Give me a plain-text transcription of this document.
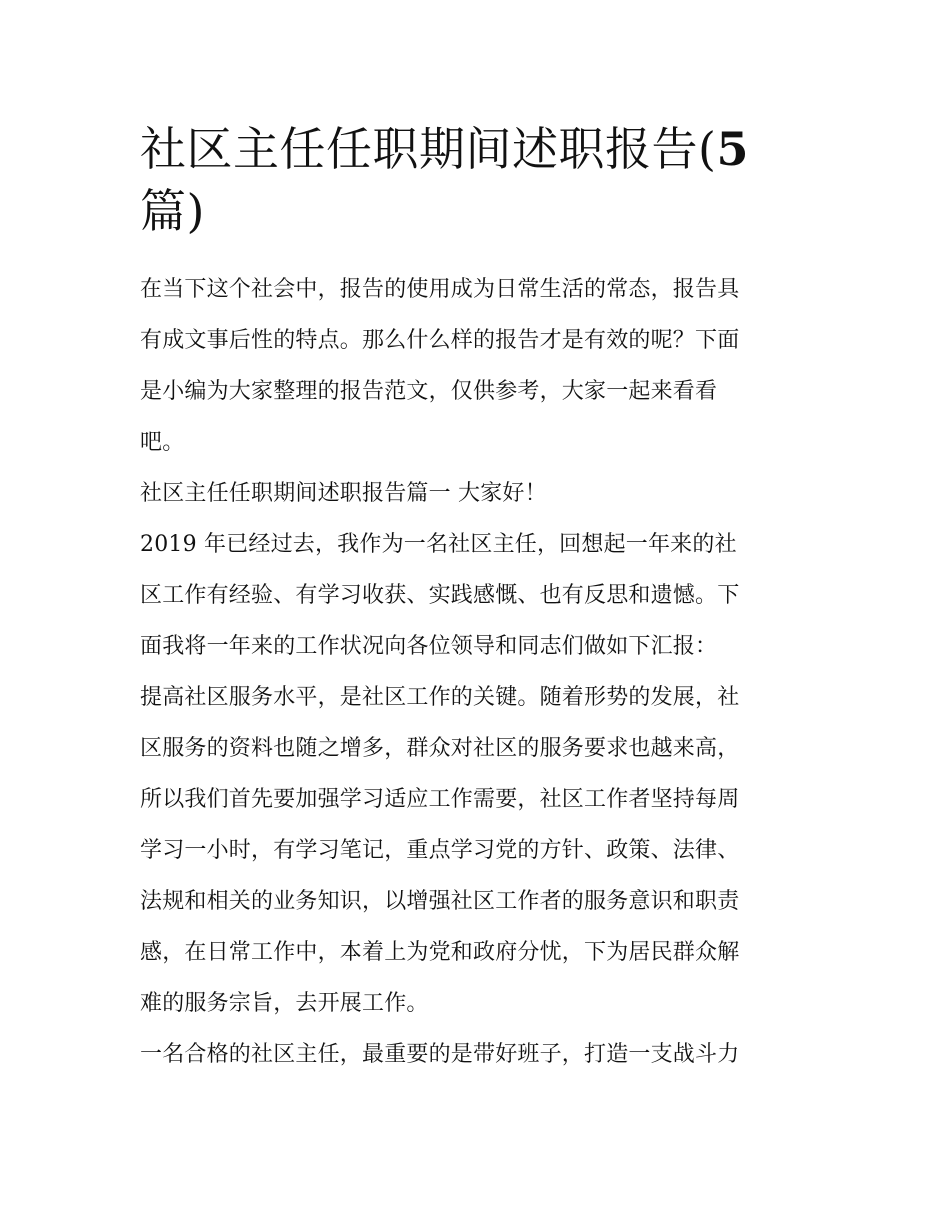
社区主任任职期间述职报告(5
篇)

在当下这个社会中，报告的使用成为日常生活的常态，报告具

有成文事后性的特点。那么什么样的报告才是有效的呢？下面

是小编为大家整理的报告范文，仅供参考，大家一起来看看

吧。

社区主任任职期间述职报告篇一 大家好！

2019 年已经过去，我作为一名社区主任，回想起一年来的社

区工作有经验、有学习收获、实践感慨、也有反思和遗憾。下

面我将一年来的工作状况向各位领导和同志们做如下汇报：

提高社区服务水平，是社区工作的关键。随着形势的发展，社

区服务的资料也随之增多，群众对社区的服务要求也越来高，

所以我们首先要加强学习适应工作需要，社区工作者坚持每周

学习一小时，有学习笔记，重点学习党的方针、政策、法律、

法规和相关的业务知识，以增强社区工作者的服务意识和职责

感，在日常工作中，本着上为党和政府分忧，下为居民群众解

难的服务宗旨，去开展工作。

一名合格的社区主任，最重要的是带好班子，打造一支战斗力
